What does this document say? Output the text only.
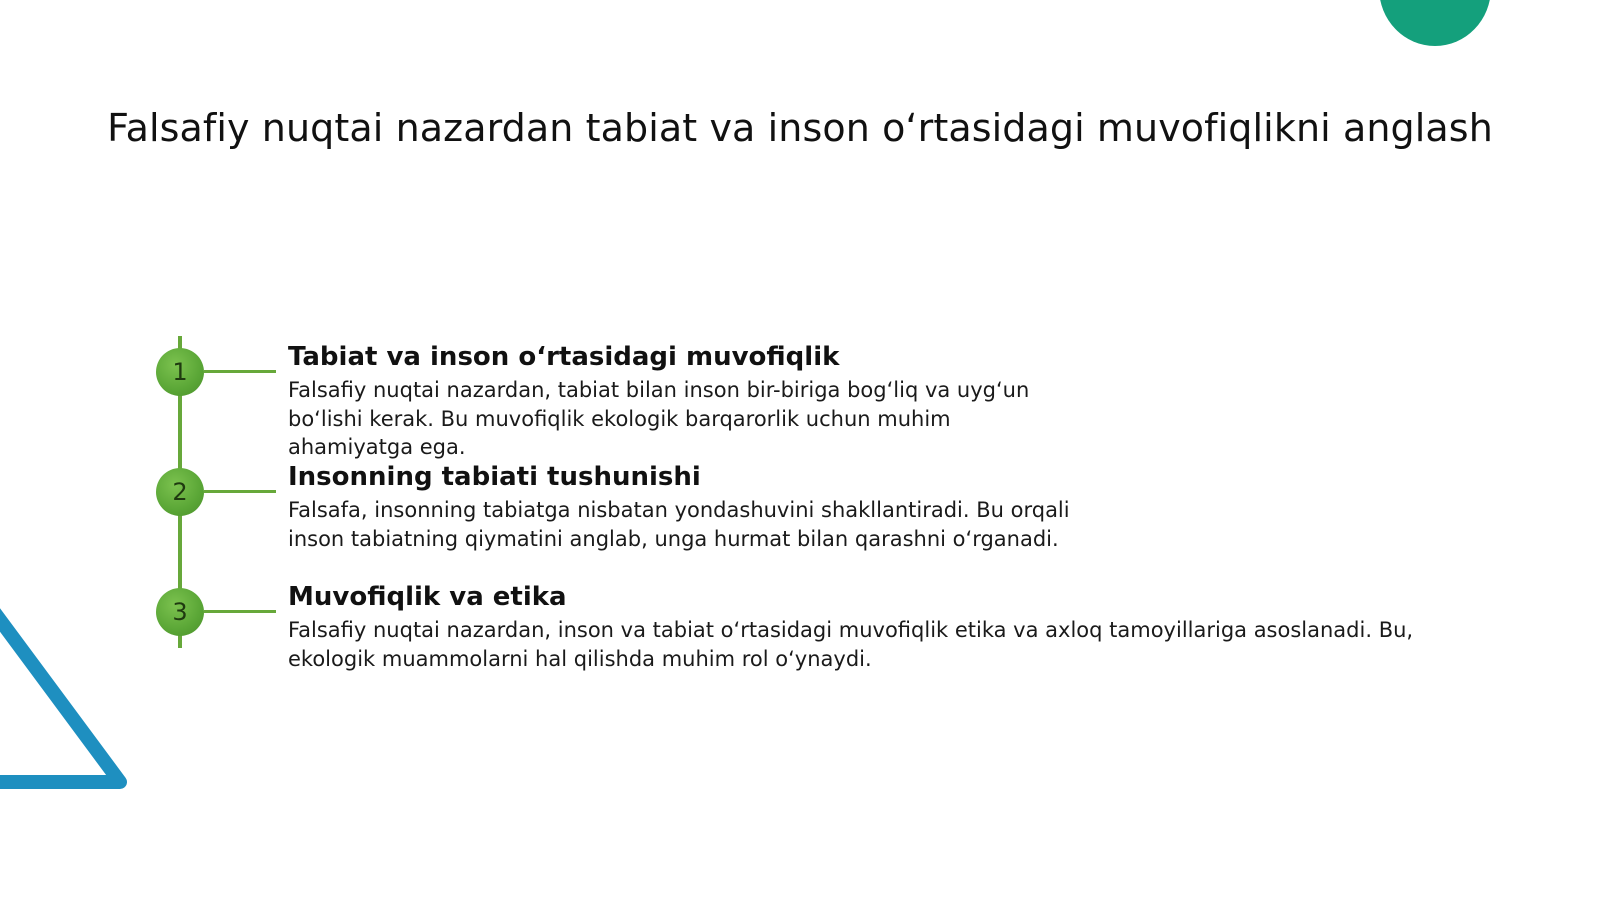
Falsafiy nuqtai nazardan tabiat va inson o‘rtasidagi muvofiqlikni anglash
1	Tabiat va inson o‘rtasidagi muvofiqlik

Falsafiy nuqtai nazardan, tabiat bilan inson bir-biriga bog‘liq va uyg‘un bo‘lishi kerak. Bu muvofiqlik ekologik barqarorlik uchun muhim ahamiyatga ega.

2	Insonning tabiati tushunishi

Falsafa, insonning tabiatga nisbatan yondashuvini shakllantiradi. Bu orqali inson tabiatning qiymatini anglab, unga hurmat bilan qarashni o‘rganadi.

3	Muvofiqlik va etika

Falsafiy nuqtai nazardan, inson va tabiat o‘rtasidagi muvofiqlik etika va axloq tamoyillariga asoslanadi. Bu, ekologik muammolarni hal qilishda muhim rol o‘ynaydi.
